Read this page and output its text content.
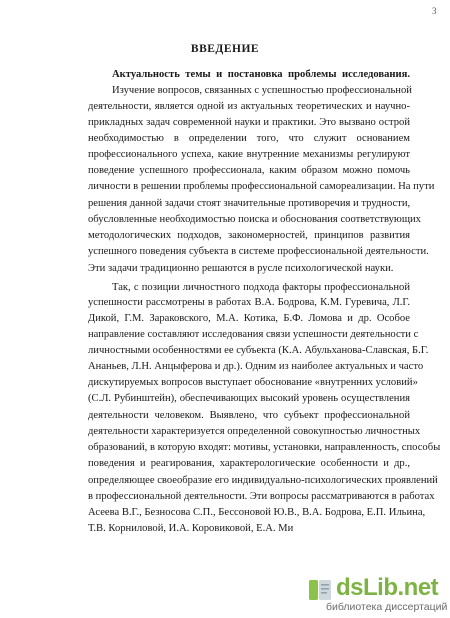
3
ВВЕДЕНИЕ
Актуальность темы и постановка проблемы исследования.
Изучение вопросов, связанных с успешностью профессиональной
деятельности, является одной из актуальных теоретических и научно-
прикладных задач современной науки и практики. Это вызвано острой
необходимостью в определении того, что служит основанием
профессионального успеха, какие внутренние механизмы регулируют
поведение успешного профессионала, каким образом можно помочь
личности в решении проблемы профессиональной самореализации. На пути
решения данной задачи стоят значительные противоречия и трудности,
обусловленные необходимостью поиска и обоснования соответствующих
методологических подходов, закономерностей, принципов развития
успешного поведения субъекта в системе профессиональной деятельности.
Эти задачи традиционно решаются в русле психологической науки.
Так, с позиции личностного подхода факторы профессиональной
успешности рассмотрены в работах В.А. Бодрова, К.М. Гуревича, Л.Г.
Дикой, Г.М. Зараковского, М.А. Котика, Б.Ф. Ломова и др. Особое
направление составляют исследования связи успешности деятельности с
личностными особенностями ее субъекта (К.А. Абульханова-Славская, Б.Г.
Ананьев, Л.Н. Анцыферова и др.). Одним из наиболее актуальных и часто
дискутируемых вопросов выступает обоснование «внутренних условий»
(С.Л. Рубинштейн), обеспечивающих высокий уровень осуществления
деятельности человеком. Выявлено, что субъект профессиональной
деятельности характеризуется определенной совокупностью личностных
образований, в которую входят: мотивы, установки, направленность, способы
поведения и реагирования, характерологические особенности и др.,
определяющее своеобразие его индивидуально-психологических проявлений
в профессиональной деятельности. Эти вопросы рассматриваются в работах
Асеева В.Г., Безносова С.П., Бессоновой Ю.В., В.А. Бодрова, Е.П. Ильина,
Т.В. Корниловой, И.А. Коровиковой, Е.А. Ми
dsLib.net
библиотека диссертаций
